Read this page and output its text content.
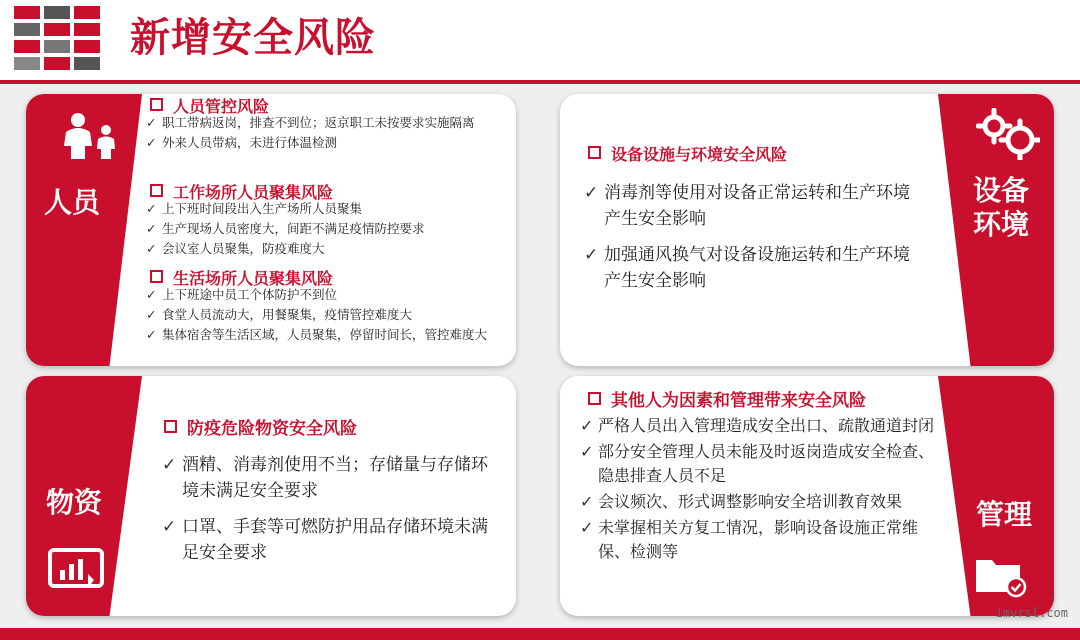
新增安全风险
人员
人员管控风险
✓ 职工带病返岗，排查不到位；返京职工未按要求实施隔离
✓ 外来人员带病，未进行体温检测
工作场所人员聚集风险
✓ 上下班时间段出入生产场所人员聚集
✓ 生产现场人员密度大，间距不满足疫情防控要求
✓ 会议室人员聚集，防疫难度大
生活场所人员聚集风险
✓ 上下班途中员工个体防护不到位
✓ 食堂人员流动大，用餐聚集，疫情管控难度大
✓ 集体宿舍等生活区域，人员聚集，停留时间长，管控难度大
设备
环境
设备设施与环境安全风险
✓ 消毒剂等使用对设备正常运转和生产环境产生安全影响
✓ 加强通风换气对设备设施运转和生产环境产生安全影响
物资
防疫危险物资安全风险
✓ 酒精、消毒剂使用不当；存储量与存储环境未满足安全要求
✓ 口罩、手套等可燃防护用品存储环境未满足安全要求
管理
其他人为因素和管理带来安全风险
✓ 严格人员出入管理造成安全出口、疏散通道封闭
✓ 部分安全管理人员未能及时返岗造成安全检查、隐患排查人员不足
✓ 会议频次、形式调整影响安全培训教育效果
✓ 未掌握相关方复工情况，影响设备设施正常维保、检测等
imvrsl.com
